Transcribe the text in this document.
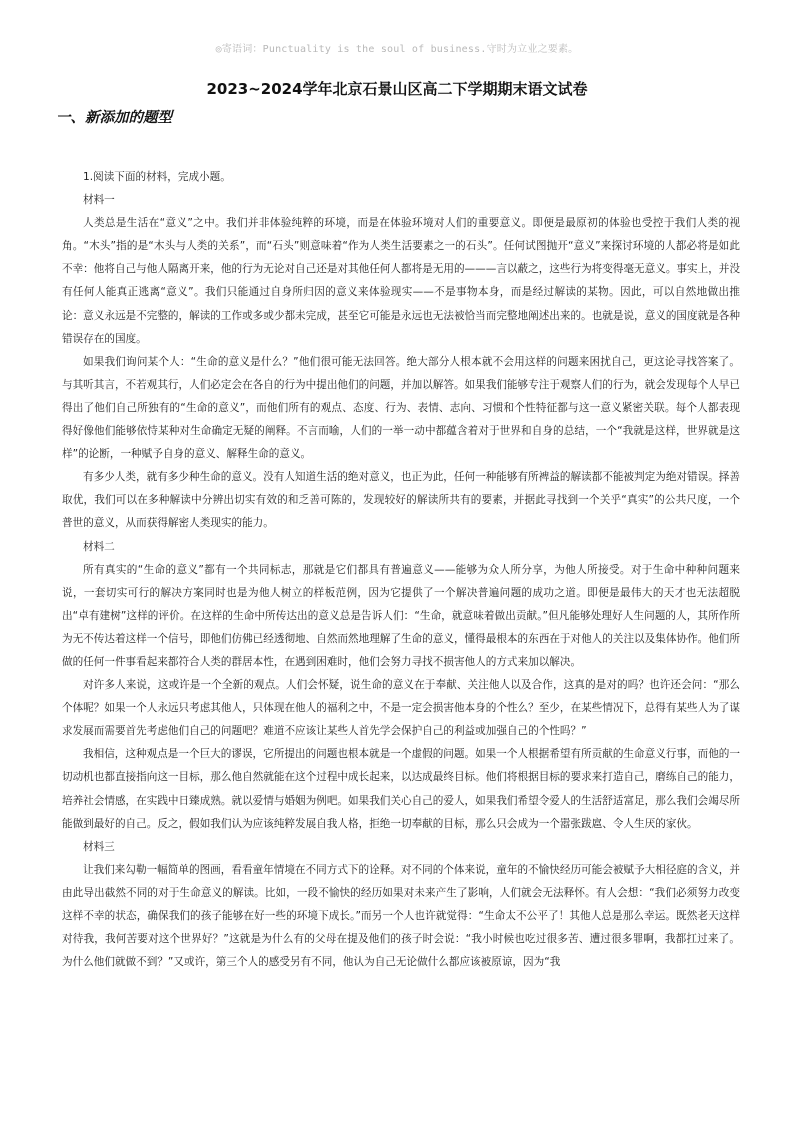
◎寄语词：Punctuality is the soul of business.守时为立业之要素。
2023~2024学年北京石景山区高二下学期期末语文试卷
一、新添加的题型

1.阅读下面的材料，完成小题。

材料一

人类总是生活在“意义”之中。我们并非体验纯粹的环境，而是在体验环境对人们的重要意义。即便是最原初的体验也受控于我们人类的视角。“木头”指的是“木头与人类的关系”，而“石头”则意味着“作为人类生活要素之一的石头”。任何试图抛开“意义”来探讨环境的人都必将是如此不幸：他将自己与他人隔离开来，他的行为无论对自己还是对其他任何人都将是无用的———言以蔽之，这些行为将变得毫无意义。事实上，并没有任何人能真正逃离“意义”。我们只能通过自身所归因的意义来体验现实——不是事物本身，而是经过解读的某物。因此，可以自然地做出推论：意义永远是不完整的，解读的工作或多或少都未完成，甚至它可能是永远也无法被恰当而完整地阐述出来的。也就是说，意义的国度就是各种错误存在的国度。

如果我们询问某个人：“生命的意义是什么？”他们很可能无法回答。绝大部分人根本就不会用这样的问题来困扰自己，更这论寻找答案了。与其听其言，不若观其行，人们必定会在各自的行为中提出他们的问题，并加以解答。如果我们能够专注于观察人们的行为，就会发现每个人早已得出了他们自己所独有的“生命的意义”，而他们所有的观点、态度、行为、表情、志向、习惯和个性特征都与这一意义紧密关联。每个人都表现得好像他们能够依恃某种对生命确定无疑的阐释。不言而喻，人们的一举一动中都蕴含着对于世界和自身的总结，一个“我就是这样，世界就是这样”的论断，一种赋予自身的意义、解释生命的意义。

有多少人类，就有多少种生命的意义。没有人知道生活的绝对意义，也正为此，任何一种能够有所裨益的解读都不能被判定为绝对错误。择善取优，我们可以在多种解读中分辨出切实有效的和乏善可陈的，发现较好的解读所共有的要素，并据此寻找到一个关乎“真实”的公共尺度，一个普世的意义，从而获得解密人类现实的能力。

材料二

所有真实的“生命的意义”都有一个共同标志，那就是它们都具有普遍意义——能够为众人所分享，为他人所接受。对于生命中种种问题来说，一套切实可行的解决方案同时也是为他人树立的样板范例，因为它提供了一个解决普遍问题的成功之道。即便是最伟大的天才也无法超脱出“卓有建树”这样的评价。在这样的生命中所传达出的意义总是告诉人们：“生命，就意味着做出贡献。”但凡能够处理好人生问题的人，其所作所为无不传达着这样一个信号，即他们仿佛已经透彻地、自然而然地理解了生命的意义，懂得最根本的东西在于对他人的关注以及集体协作。他们所做的任何一件事看起来都符合人类的群居本性，在遇到困难时，他们会努力寻找不损害他人的方式来加以解决。

对许多人来说，这或许是一个全新的观点。人们会怀疑，说生命的意义在于奉献、关注他人以及合作，这真的是对的吗？也许还会问：“那么个体呢？如果一个人永远只考虑其他人，只体现在他人的福利之中，不是一定会损害他本身的个性么？至少，在某些情况下，总得有某些人为了谋求发展而需要首先考虑他们自己的问题吧？难道不应该让某些人首先学会保护自己的利益或加强自己的个性吗？”

我相信，这种观点是一个巨大的谬误，它所提出的问题也根本就是一个虚假的问题。如果一个人根据希望有所贡献的生命意义行事，而他的一切动机也都直接指向这一目标，那么他自然就能在这个过程中成长起来，以达成最终目标。他们将根据目标的要求来打造自己，磨练自己的能力，培养社会情感，在实践中日臻成熟。就以爱情与婚姻为例吧。如果我们关心自己的爱人，如果我们希望令爱人的生活舒适富足，那么我们会竭尽所能做到最好的自己。反之，假如我们认为应该纯粹发展自我人格，拒绝一切奉献的目标，那么只会成为一个嚣张跋扈、令人生厌的家伙。

材料三

让我们来勾勒一幅简单的图画，看看童年情境在不同方式下的诠释。对不同的个体来说，童年的不愉快经历可能会被赋予大相径庭的含义，并由此导出截然不同的对于生命意义的解读。比如，一段不愉快的经历如果对未来产生了影响，人们就会无法释怀。有人会想：“我们必须努力改变这样不幸的状态，确保我们的孩子能够在好一些的环境下成长。”而另一个人也许就觉得：“生命太不公平了！其他人总是那么幸运。既然老天这样对待我，我何苦要对这个世界好？”这就是为什么有的父母在提及他们的孩子时会说：“我小时候也吃过很多苦、遭过很多罪啊，我都扛过来了。为什么他们就做不到？”又或许，第三个人的感受另有不同，他认为自己无论做什么都应该被原谅，因为“我
